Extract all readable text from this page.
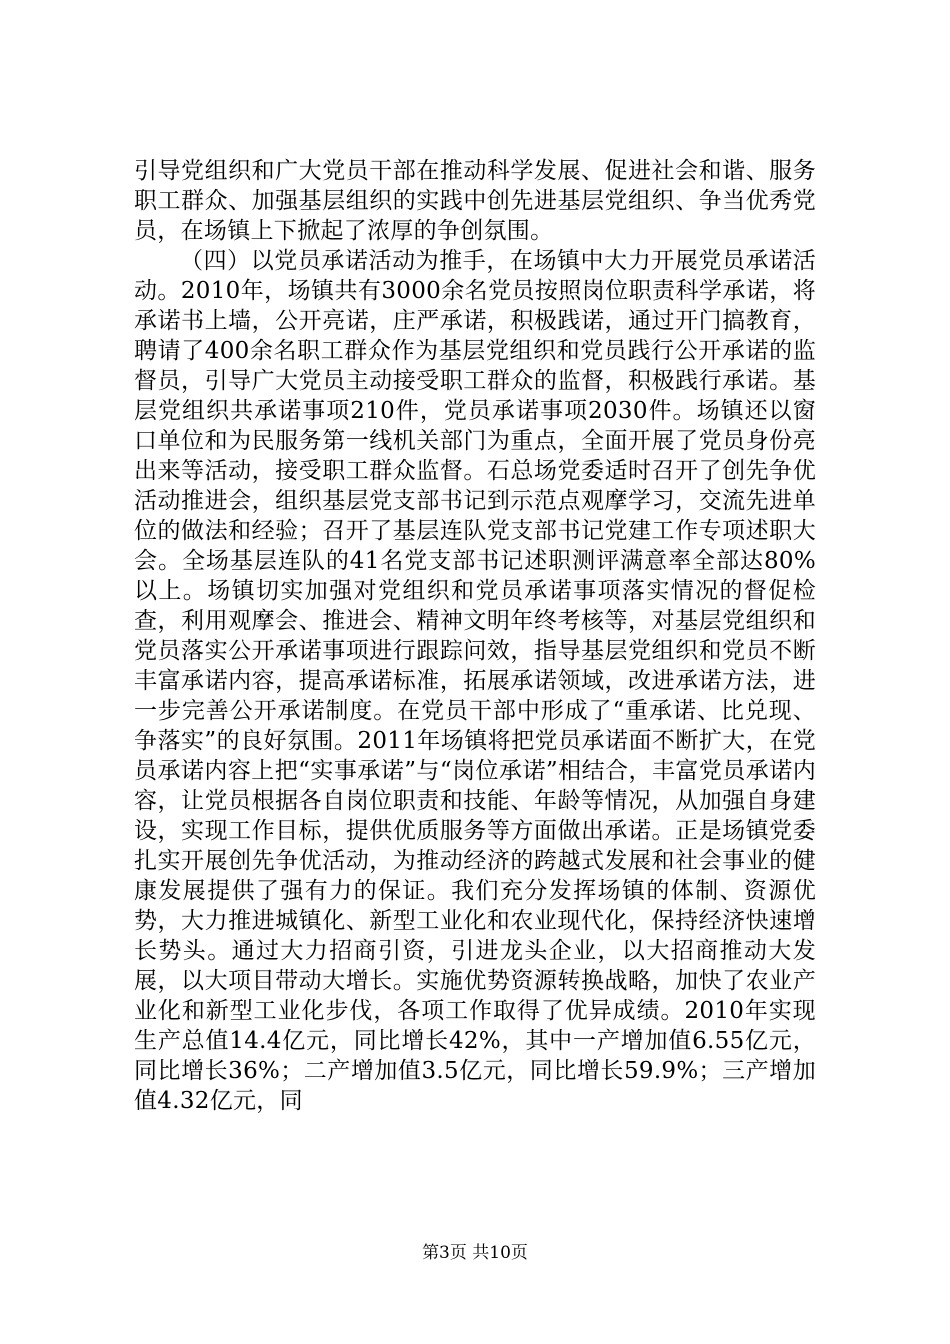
引导党组织和广大党员干部在推动科学发展、促进社会和谐、服务职工群众、加强基层组织的实践中创先进基层党组织、争当优秀党员，在场镇上下掀起了浓厚的争创氛围。

（四）以党员承诺活动为推手，在场镇中大力开展党员承诺活动。2010年，场镇共有3000余名党员按照岗位职责科学承诺，将承诺书上墙，公开亮诺，庄严承诺，积极践诺，通过开门搞教育，聘请了400余名职工群众作为基层党组织和党员践行公开承诺的监督员，引导广大党员主动接受职工群众的监督，积极践行承诺。基层党组织共承诺事项210件，党员承诺事项2030件。场镇还以窗口单位和为民服务第一线机关部门为重点，全面开展了党员身份亮出来等活动，接受职工群众监督。石总场党委适时召开了创先争优活动推进会，组织基层党支部书记到示范点观摩学习，交流先进单位的做法和经验；召开了基层连队党支部书记党建工作专项述职大会。全场基层连队的41名党支部书记述职测评满意率全部达80%以上。场镇切实加强对党组织和党员承诺事项落实情况的督促检查，利用观摩会、推进会、精神文明年终考核等，对基层党组织和党员落实公开承诺事项进行跟踪问效，指导基层党组织和党员不断丰富承诺内容，提高承诺标准，拓展承诺领域，改进承诺方法，进一步完善公开承诺制度。在党员干部中形成了“重承诺、比兑现、争落实”的良好氛围。2011年场镇将把党员承诺面不断扩大，在党员承诺内容上把“实事承诺”与“岗位承诺”相结合，丰富党员承诺内容，让党员根据各自岗位职责和技能、年龄等情况，从加强自身建设，实现工作目标，提供优质服务等方面做出承诺。正是场镇党委扎实开展创先争优活动，为推动经济的跨越式发展和社会事业的健康发展提供了强有力的保证。我们充分发挥场镇的体制、资源优势，大力推进城镇化、新型工业化和农业现代化，保持经济快速增长势头。通过大力招商引资，引进龙头企业，以大招商推动大发展，以大项目带动大增长。实施优势资源转换战略，加快了农业产业化和新型工业化步伐，各项工作取得了优异成绩。2010年实现生产总值14.4亿元，同比增长42%，其中一产增加值6.55亿元，同比增长36%；二产增加值3.5亿元，同比增长59.9%；三产增加值4.32亿元，同

第3页 共10页
